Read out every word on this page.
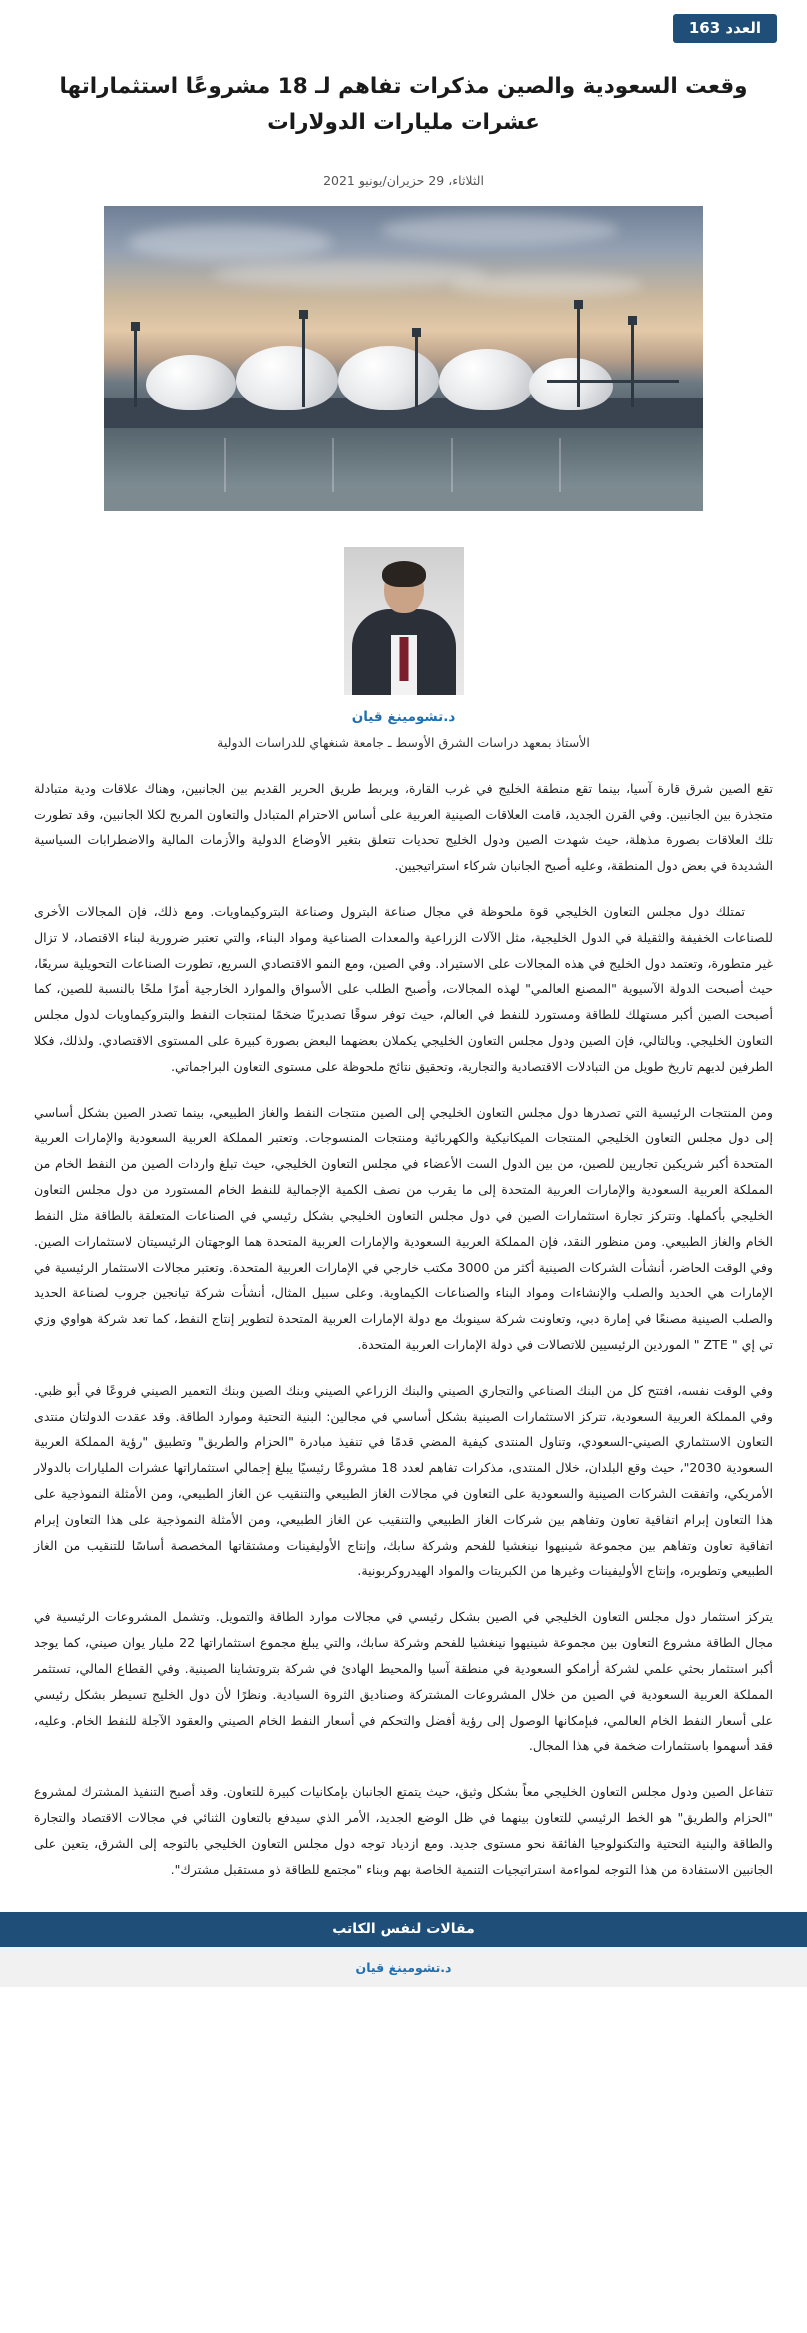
العدد 163
وقعت السعودية والصين مذكرات تفاهم لـ 18 مشروعًا استثماراتها عشرات مليارات الدولارات
الثلاثاء، 29 حزيران/يونيو 2021
د.تشومينغ قيان
الأستاذ بمعهد دراسات الشرق الأوسط ـ جامعة شنغهاي للدراسات الدولية

تقع الصين شرق قارة آسيا، بينما تقع منطقة الخليج في غرب القارة، ويربط طريق الحرير القديم بين الجانبين، وهناك علاقات ودية متبادلة متجذرة بين الجانبين. وفي القرن الجديد، قامت العلاقات الصينية العربية على أساس الاحترام المتبادل والتعاون المربح لكلا الجانبين، وقد تطورت تلك العلاقات بصورة مذهلة، حيث شهدت الصين ودول الخليج تحديات تتعلق بتغير الأوضاع الدولية والأزمات المالية والاضطرابات السياسية الشديدة في بعض دول المنطقة، وعليه أصبح الجانبان شركاء استراتيجيين.

تمتلك دول مجلس التعاون الخليجي قوة ملحوظة في مجال صناعة البترول وصناعة البتروكيماويات. ومع ذلك، فإن المجالات الأخرى للصناعات الخفيفة والثقيلة في الدول الخليجية، مثل الآلات الزراعية والمعدات الصناعية ومواد البناء، والتي تعتبر ضرورية لبناء الاقتصاد، لا تزال غير متطورة، وتعتمد دول الخليج في هذه المجالات على الاستيراد. وفي الصين، ومع النمو الاقتصادي السريع، تطورت الصناعات التحويلية سريعًا، حيث أصبحت الدولة الآسيوية "المصنع العالمي" لهذه المجالات، وأصبح الطلب على الأسواق والموارد الخارجية أمرًا ملحًا بالنسبة للصين، كما أصبحت الصين أكبر مستهلك للطاقة ومستورد للنفط في العالم، حيث توفر سوقًا تصديريًا ضخمًا لمنتجات النفط والبتروكيماويات لدول مجلس التعاون الخليجي. وبالتالي، فإن الصين ودول مجلس التعاون الخليجي يكملان بعضهما البعض بصورة كبيرة على المستوى الاقتصادي. ولذلك، فكلا الطرفين لديهم تاريخ طويل من التبادلات الاقتصادية والتجارية، وتحقيق نتائج ملحوظة على مستوى التعاون البراجماتي.

ومن المنتجات الرئيسية التي تصدرها دول مجلس التعاون الخليجي إلى الصين منتجات النفط والغاز الطبيعي، بينما تصدر الصين بشكل أساسي إلى دول مجلس التعاون الخليجي المنتجات الميكانيكية والكهربائية ومنتجات المنسوجات. وتعتبر المملكة العربية السعودية والإمارات العربية المتحدة أكبر شريكين تجاريين للصين، من بين الدول الست الأعضاء في مجلس التعاون الخليجي، حيث تبلغ واردات الصين من النفط الخام من المملكة العربية السعودية والإمارات العربية المتحدة إلى ما يقرب من نصف الكمية الإجمالية للنفط الخام المستورد من دول مجلس التعاون الخليجي بأكملها. وتتركز تجارة استثمارات الصين في دول مجلس التعاون الخليجي بشكل رئيسي في الصناعات المتعلقة بالطاقة مثل النفط الخام والغاز الطبيعي. ومن منظور النقد، فإن المملكة العربية السعودية والإمارات العربية المتحدة هما الوجهتان الرئيسيتان لاستثمارات الصين. وفي الوقت الحاضر، أنشأت الشركات الصينية أكثر من 3000 مكتب خارجي في الإمارات العربية المتحدة. وتعتبر مجالات الاستثمار الرئيسية في الإمارات هي الحديد والصلب والإنشاءات ومواد البناء والصناعات الكيماوية. وعلى سبيل المثال، أنشأت شركة تيانجين جروب لصناعة الحديد والصلب الصينية مصنعًا في إمارة دبي، وتعاونت شركة سينوبك مع دولة الإمارات العربية المتحدة لتطوير إنتاج النفط، كما تعد شركة هواوي وزي تي إي " ZTE " الموردين الرئيسيين للاتصالات في دولة الإمارات العربية المتحدة.

وفي الوقت نفسه، افتتح كل من البنك الصناعي والتجاري الصيني والبنك الزراعي الصيني وبنك الصين وبنك التعمير الصيني فروعًا في أبو ظبي. وفي المملكة العربية السعودية، تتركز الاستثمارات الصينية بشكل أساسي في مجالين: البنية التحتية وموارد الطاقة. وقد عقدت الدولتان منتدى التعاون الاستثماري الصيني-السعودي، وتناول المنتدى كيفية المضي قدمًا في تنفيذ مبادرة "الحزام والطريق" وتطبيق "رؤية المملكة العربية السعودية 2030"، حيث وقع البلدان، خلال المنتدى، مذكرات تفاهم لعدد 18 مشروعًا رئيسيًا يبلغ إجمالي استثماراتها عشرات المليارات بالدولار الأمريكي، واتفقت الشركات الصينية والسعودية على التعاون في مجالات الغاز الطبيعي والتنقيب عن الغاز الطبيعي، ومن الأمثلة النموذجية على هذا التعاون إبرام اتفاقية تعاون وتفاهم بين شركات الغاز الطبيعي والتنقيب عن الغاز الطبيعي، ومن الأمثلة النموذجية على هذا التعاون إبرام اتفاقية تعاون وتفاهم بين مجموعة شينيهوا نينغشيا للفحم وشركة سابك، وإنتاج الأوليفينات ومشتقاتها المخصصة أساسًا للتنقيب من الغاز الطبيعي وتطويره، وإنتاج الأوليفينات وغيرها من الكبريتات والمواد الهيدروكربونية.

يتركز استثمار دول مجلس التعاون الخليجي في الصين بشكل رئيسي في مجالات موارد الطاقة والتمويل. وتشمل المشروعات الرئيسية في مجال الطاقة مشروع التعاون بين مجموعة شينيهوا نينغشيا للفحم وشركة سابك، والتي يبلغ مجموع استثماراتها 22 مليار يوان صيني، كما يوجد أكبر استثمار بحثي علمي لشركة أرامكو السعودية في منطقة آسيا والمحيط الهادئ في شركة بتروتشاينا الصينية. وفي القطاع المالي، تستثمر المملكة العربية السعودية في الصين من خلال المشروعات المشتركة وصناديق الثروة السيادية. ونظرًا لأن دول الخليج تسيطر بشكل رئيسي على أسعار النفط الخام العالمي، فبإمكانها الوصول إلى رؤية أفضل والتحكم في أسعار النفط الخام الصيني والعقود الآجلة للنفط الخام. وعليه، فقد أسهموا باستثمارات ضخمة في هذا المجال.

تتفاعل الصين ودول مجلس التعاون الخليجي معاً بشكل وثيق، حيث يتمتع الجانبان بإمكانيات كبيرة للتعاون. وقد أصبح التنفيذ المشترك لمشروع "الحزام والطريق" هو الخط الرئيسي للتعاون بينهما في ظل الوضع الجديد، الأمر الذي سيدفع بالتعاون الثنائي في مجالات الاقتصاد والتجارة والطاقة والبنية التحتية والتكنولوجيا الفائقة نحو مستوى جديد. ومع ازدياد توجه دول مجلس التعاون الخليجي بالتوجه إلى الشرق، يتعين على الجانبين الاستفادة من هذا التوجه لمواءمة استراتيجيات التنمية الخاصة بهم وبناء "مجتمع للطاقة ذو مستقبل مشترك".

مقالات لنفس الكاتب
د.تشومينغ قيان
